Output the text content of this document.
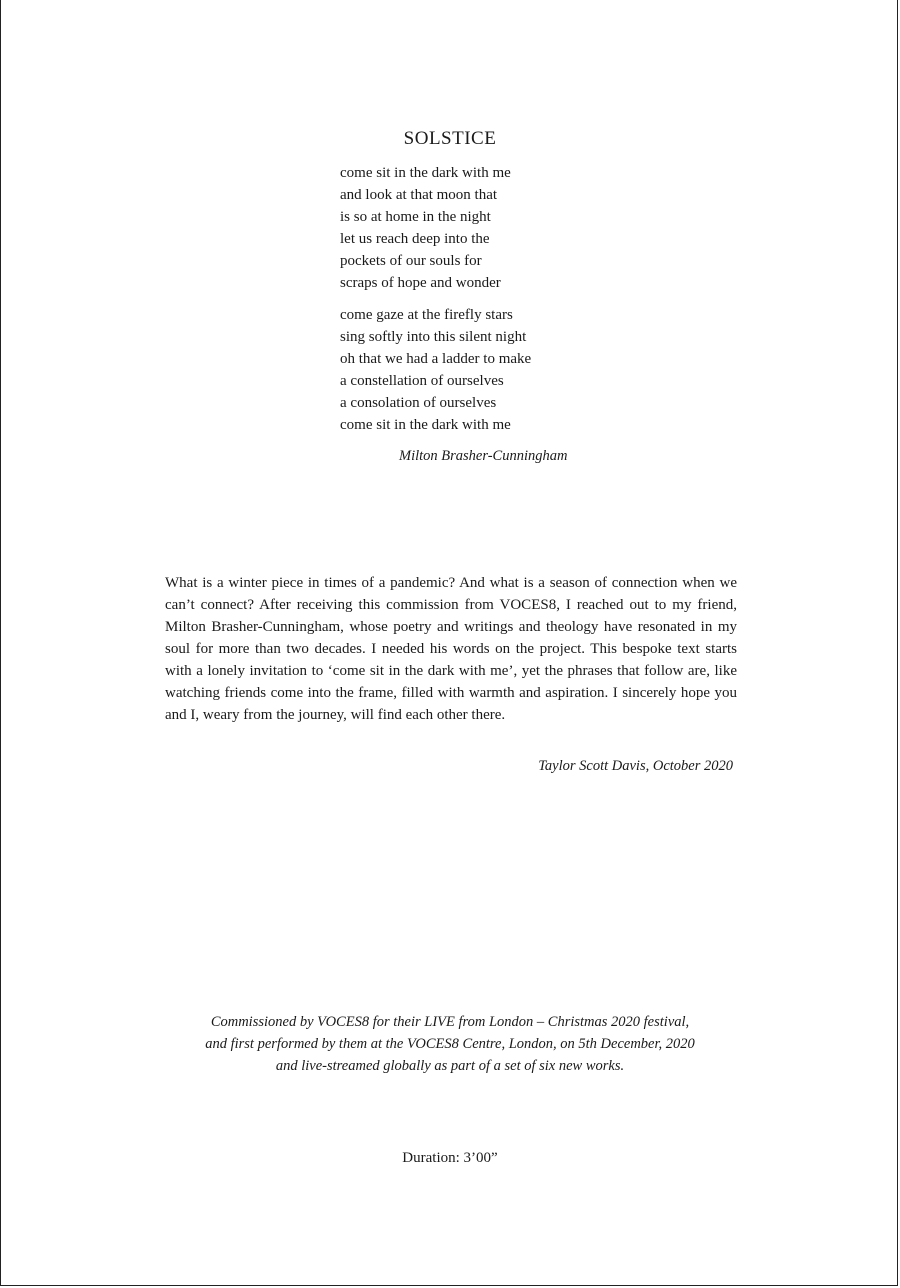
SOLSTICE
come sit in the dark with me
and look at that moon that
is so at home in the night
let us reach deep into the
pockets of our souls for
scraps of hope and wonder
come gaze at the firefly stars
sing softly into this silent night
oh that we had a ladder to make
a constellation of ourselves
a consolation of ourselves
come sit in the dark with me
Milton Brasher-Cunningham

What is a winter piece in times of a pandemic? And what is a season of connection when we can’t connect? After receiving this commission from VOCES8, I reached out to my friend, Milton Brasher-Cunningham, whose poetry and writings and theology have resonated in my soul for more than two decades. I needed his words on the project. This bespoke text starts with a lonely invitation to ‘come sit in the dark with me’, yet the phrases that follow are, like watching friends come into the frame, filled with warmth and aspiration. I sincerely hope you and I, weary from the journey, will find each other there.

Taylor Scott Davis, October 2020
Commissioned by VOCES8 for their LIVE from London – Christmas 2020 festival,
and first performed by them at the VOCES8 Centre, London, on 5th December, 2020
and live-streamed globally as part of a set of six new works.
Duration: 3’00”
